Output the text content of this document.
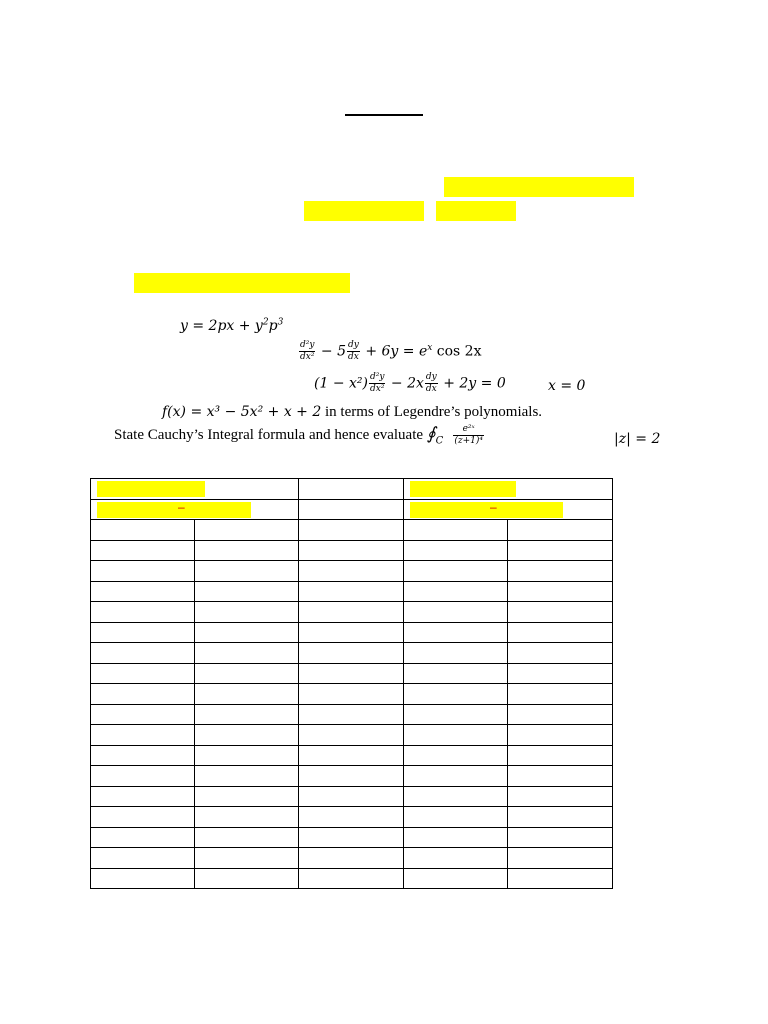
$y = 2px + y^2p^3$
$\frac{\text{d²y}}{\text{dx²}} - 5 \frac{dy}{dx} + 6y = e^x$ cos 2x
$(1 - x^2) \frac{\text{d²y}}{\text{dx²}} - 2x \frac{dy}{dx} + 2y = 0$	x = 0
f(x) = x³ − 5x² + x + 2 in terms of Legendre’s polynomials.
State Cauchy’s Integral formula and hence evaluate $∮_C \frac{\text{e²ˣ}}{\text{(z+1)⁴}}$	|z| = 2

–			–	
